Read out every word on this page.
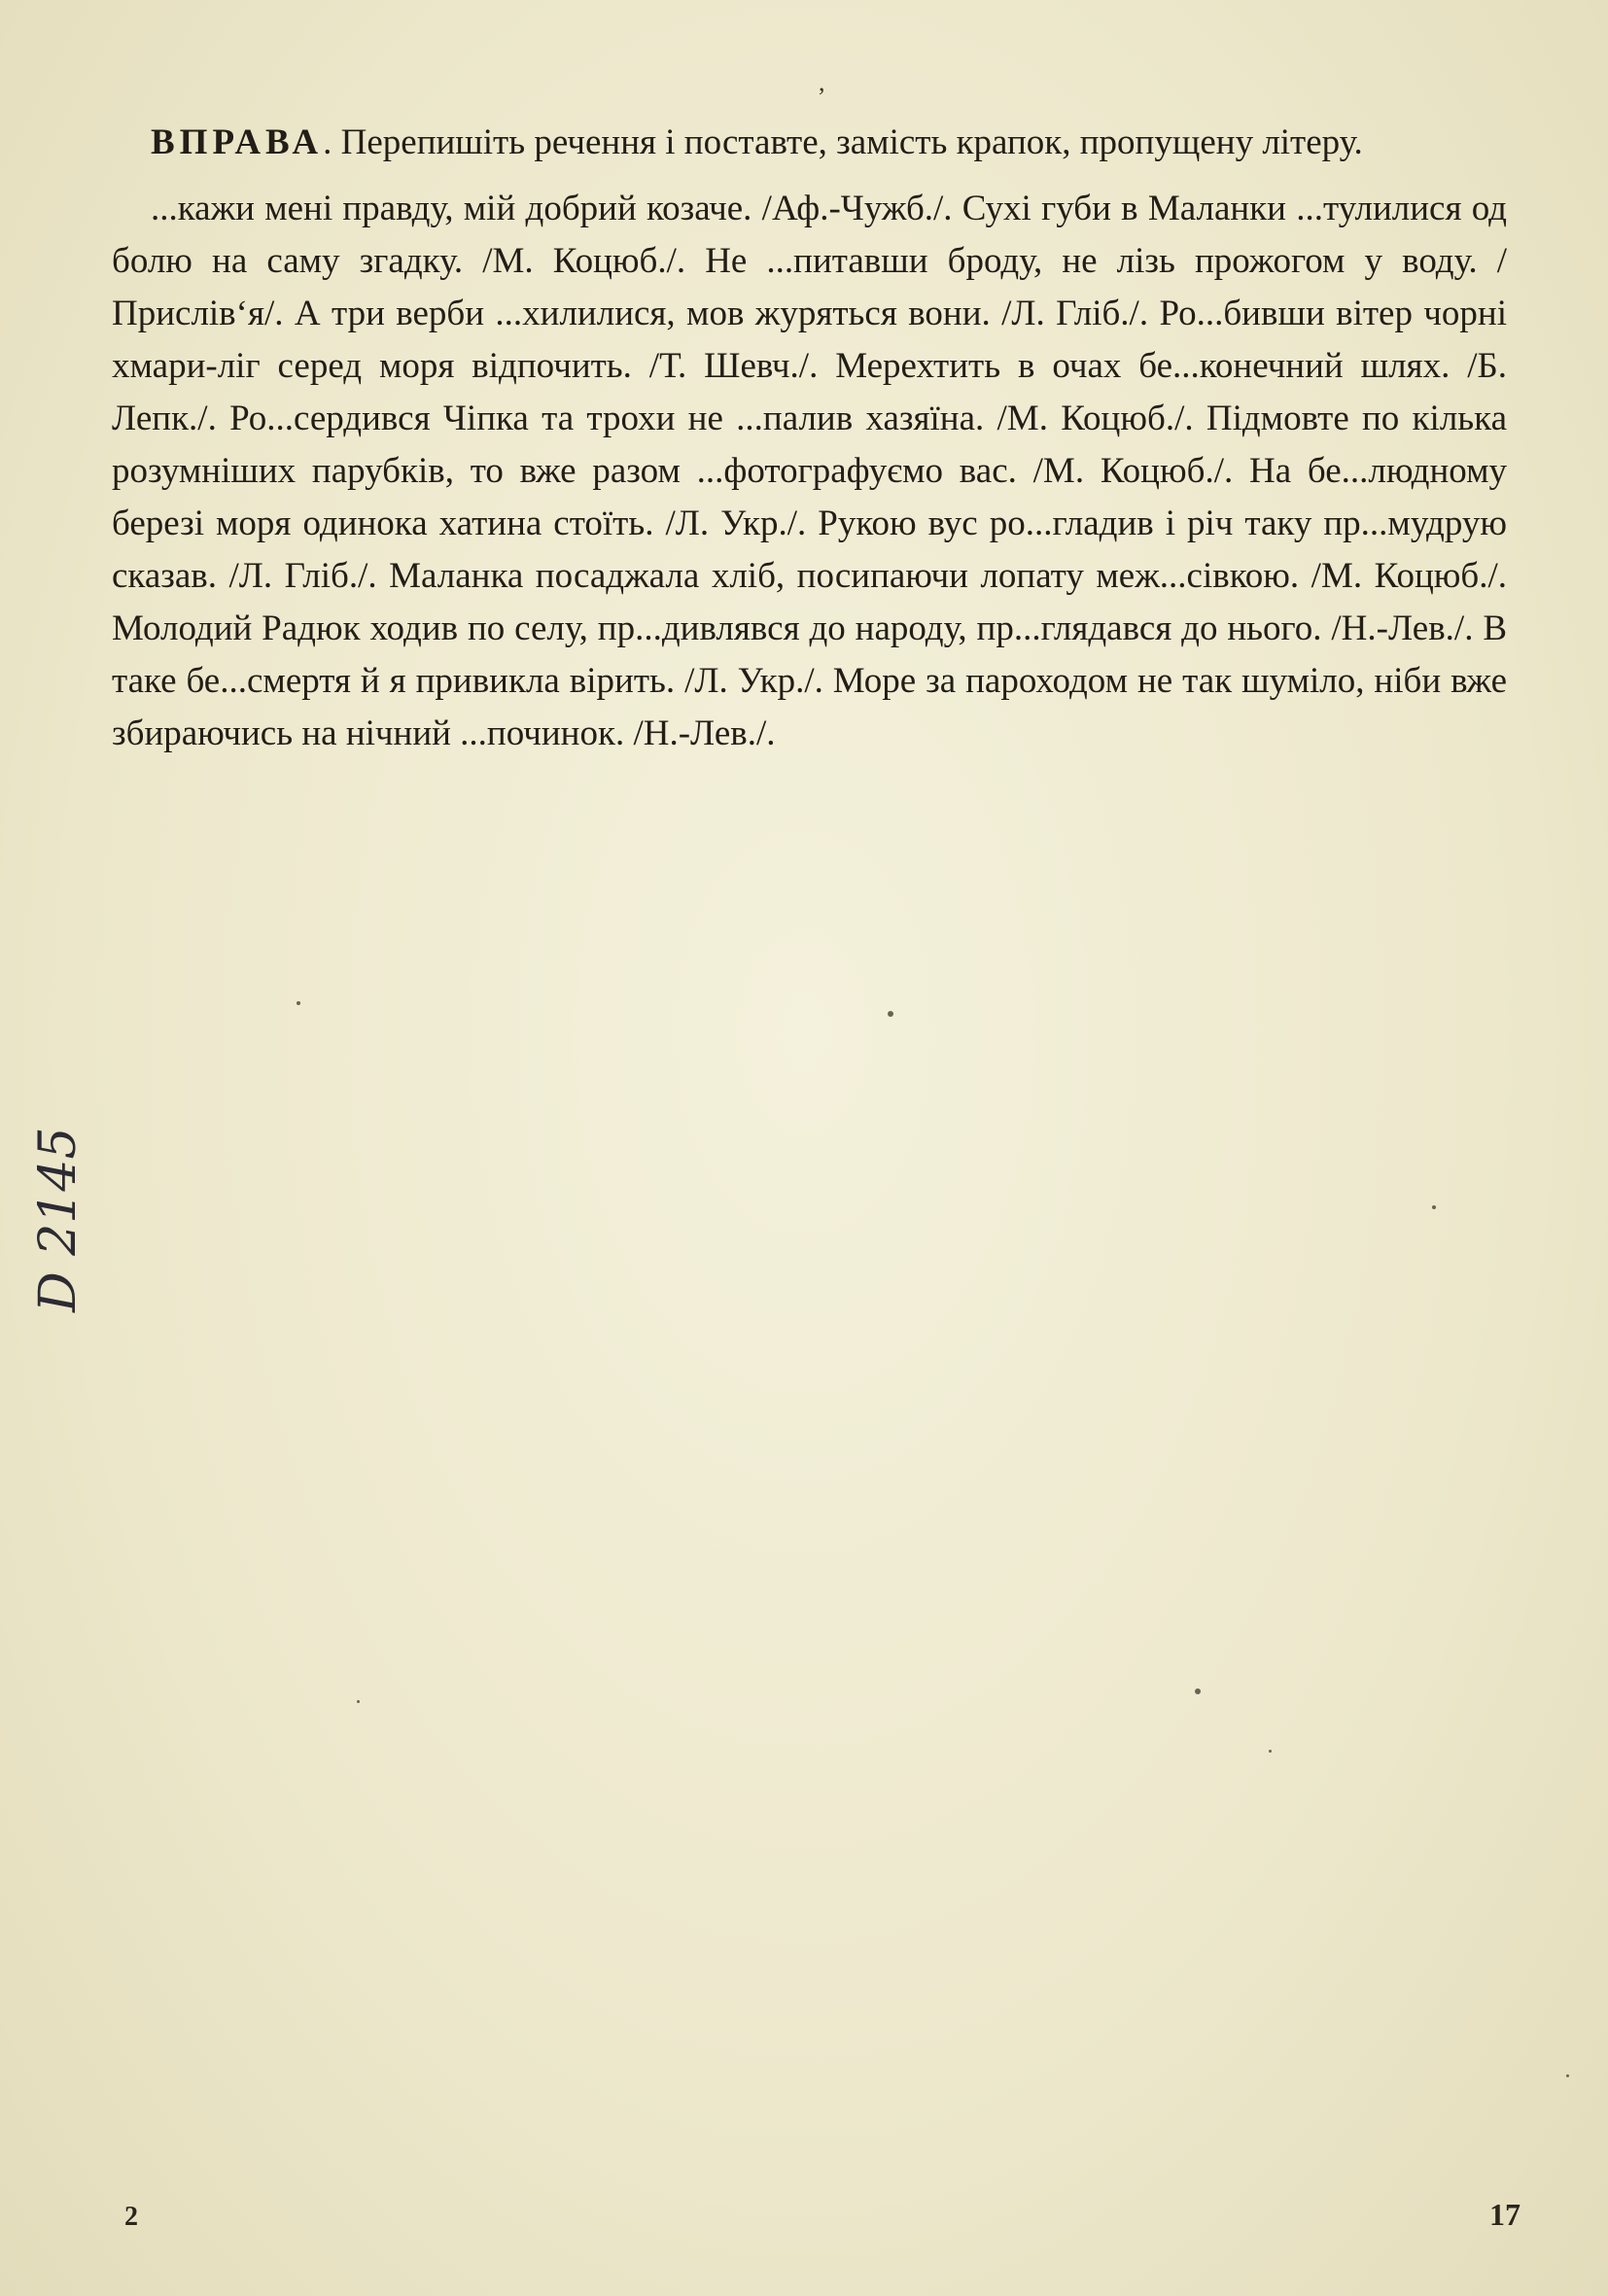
,

ВПРАВА. Перепишіть речення і поставте, замість крапок, пропущену літеру.

...кажи мені правду, мій добрий козаче. /Аф.-Чужб./. Сухі губи в Маланки ...тулилися од болю на саму згадку. /М. Коцюб./. Не ...питавши броду, не лізь прожогом у воду. /Прислів‘я/. А три верби ...хилилися, мов журяться вони. /Л. Гліб./. Ро...бивши вітер чорні хмари-ліг серед моря відпочить. /Т. Шевч./. Мерехтить в очах бе...конечний шлях. /Б. Лепк./. Ро...сердився Чіпка та трохи не ...палив хазяїна. /М. Коцюб./. Підмовте по кілька розумніших парубків, то вже разом ...фотографуємо вас. /М. Коцюб./. На бе...людному березі моря одинока хатина стоїть. /Л. Укр./. Рукою вус ро...гладив і річ таку пр...мудрую сказав. /Л. Гліб./. Маланка посаджала хліб, посипаючи лопату меж...сівкою. /М. Коцюб./. Молодий Радюк ходив по селу, пр...дивлявся до народу, пр...глядався до нього. /Н.-Лев./. В таке бе...смертя й я привикла вірить. /Л. Укр./. Море за пароходом не так шуміло, ніби вже збираючись на нічний ...починок. /Н.-Лев./.

D 2145
2	17
